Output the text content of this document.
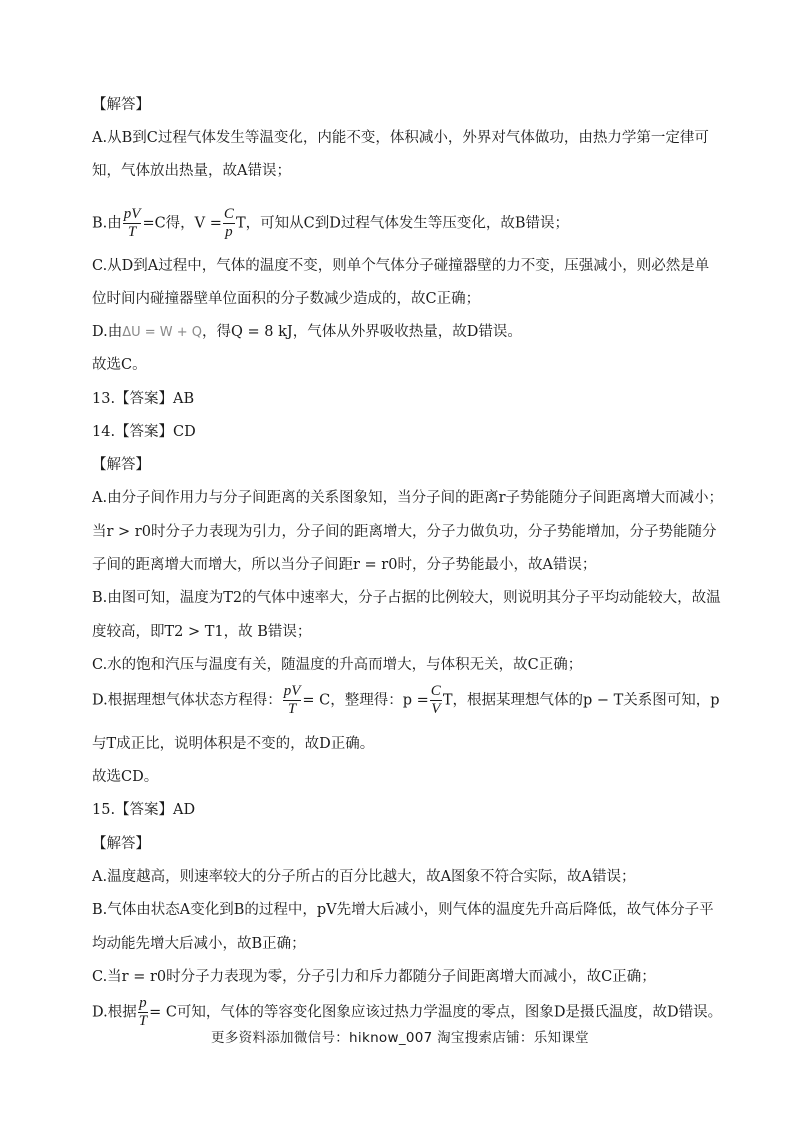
【解答】
A.从B到C过程气体发生等温变化，内能不变，体积减小，外界对气体做功，由热力学第一定律可
知，气体放出热量，故A错误；
B.由 $\frac{pV}{T} =C$得，$V = \frac{C}{p}$ T，可知从C到D过程气体发生等压变化，故B错误；
C.从D到A过程中，气体的温度不变，则单个气体分子碰撞器壁的力不变，压强减小，则必然是单
位时间内碰撞器壁单位面积的分子数减少造成的，故C正确；
D.由ΔU = W + Q，得Q = 8 kJ，气体从外界吸收热量，故D错误。
故选C。
13.【答案】AB
14.【答案】CD
【解答】
A.由分子间作用力与分子间距离的关系图象知，当分子间的距离r子势能随分子间距离增大而减小；
当r > r0时分子力表现为引力，分子间的距离增大，分子力做负功，分子势能增加，分子势能随分
子间的距离增大而增大，所以当分子间距r = r0时，分子势能最小，故A错误；
B.由图可知，温度为T2的气体中速率大，分子占据的比例较大，则说明其分子平均动能较大，故温
度较高，即T2 > T1，故 B错误；
C.水的饱和汽压与温度有关，随温度的升高而增大，与体积无关，故C正确；
D.根据理想气体状态方程得： $\frac{pV}{T} = C$，整理得：$p = \frac{C}{V}$ T，根据某理想气体的p − T关系图可知，p
与T成正比，说明体积是不变的，故D正确。
故选CD。
15.【答案】AD
【解答】
A.温度越高，则速率较大的分子所占的百分比越大，故A图象不符合实际，故A错误；
B.气体由状态A变化到B的过程中，pV先增大后减小，则气体的温度先升高后降低，故气体分子平
均动能先增大后减小，故B正确；
C.当r = r0时分子力表现为零，分子引力和斥力都随分子间距离增大而减小，故C正确；
D.根据 $\frac{p}{T} = C$可知，气体的等容变化图象应该过热力学温度的零点，图象D是摄氏温度，故D错误。
更多资料添加微信号：hiknow_007 淘宝搜索店铺：乐知课堂
